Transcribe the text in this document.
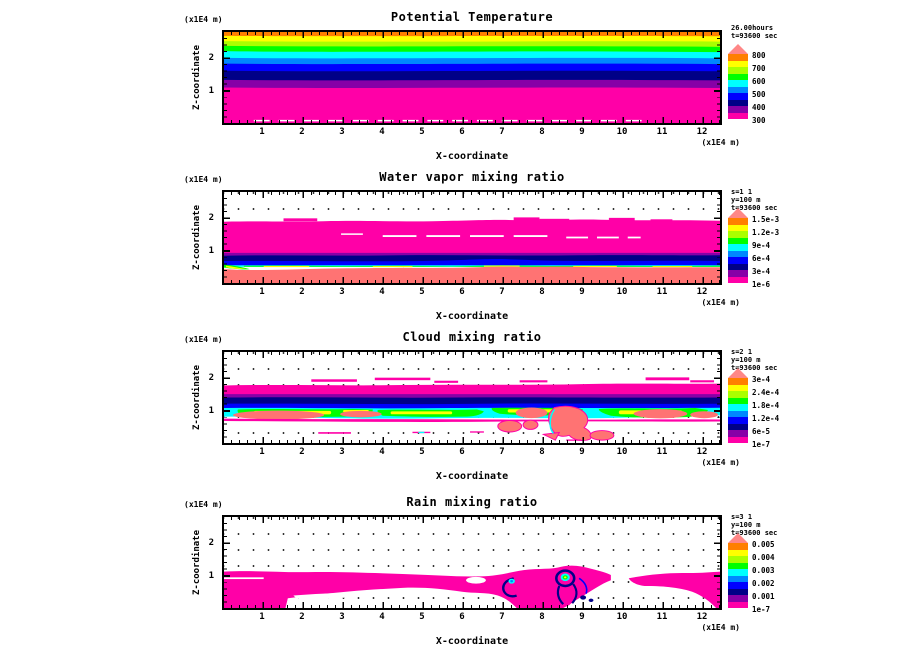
Potential Temperature
(x1E4 m)
Z-coordinate 1
2
1	2	3	4	5	6	7	8	9	10	11	12
(x1E4 m)
X-coordinate
26.00hours
t=93600 sec
800
700
600
500
400
300
Water vapor mixing ratio
(x1E4 m)
Z-coordinate 1
2
1	2	3	4	5	6	7	8	9	10	11	12
(x1E4 m)
X-coordinate
s=1 1
y=100 m
t=93600 sec
1.5e-3
1.2e-3
9e-4
6e-4
3e-4
1e-6
Cloud mixing ratio
(x1E4 m)
Z-coordinate 1
2
1	2	3	4	5	6	7	8	9	10	11	12
(x1E4 m)
X-coordinate
s=2 1
y=100 m
t=93600 sec
3e-4
2.4e-4
1.8e-4
1.2e-4
6e-5
1e-7
Rain mixing ratio
(x1E4 m)
Z-coordinate 1
2
1	2	3	4	5	6	7	8	9	10	11	12
(x1E4 m)
X-coordinate
s=3 1
y=100 m
t=93600 sec
0.005
0.004
0.003
0.002
0.001
1e-7
